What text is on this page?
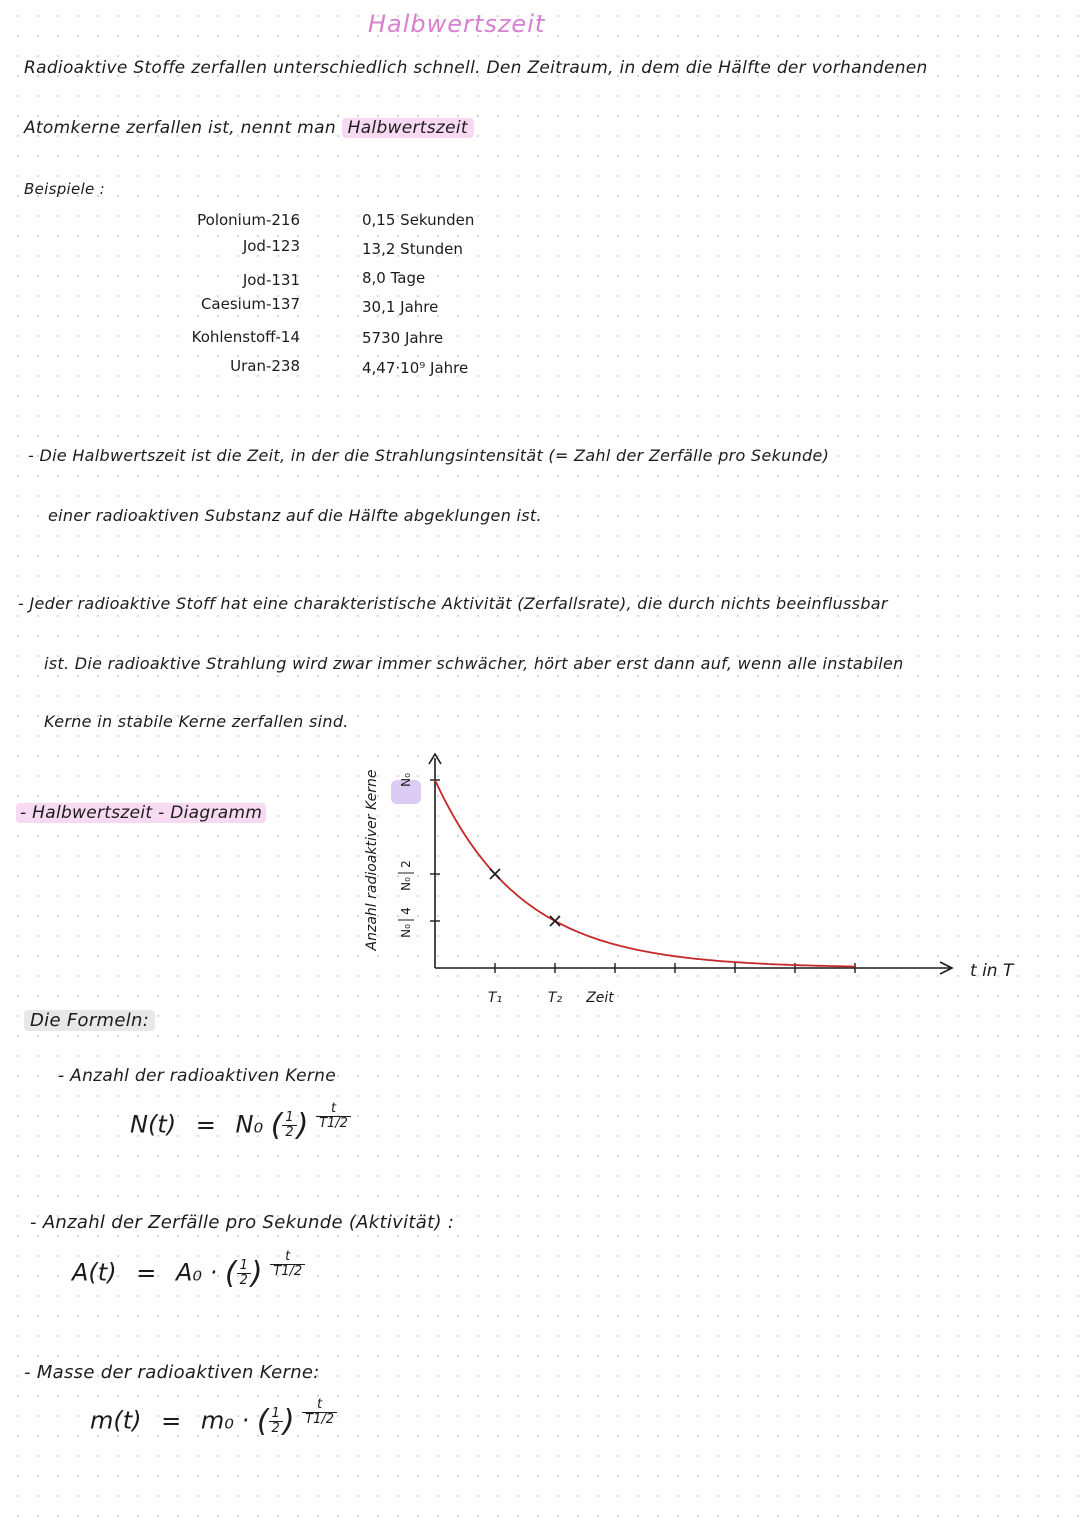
Halbwertszeit
Radioaktive Stoffe zerfallen unterschiedlich schnell. Den Zeitraum, in dem die Hälfte der vorhandenen
Atomkerne zerfallen ist, nennt man Halbwertszeit
Beispiele :
Polonium-216	0,15 Sekunden
Jod-123	13,2 Stunden
Jod-131	8,0 Tage
Caesium-137	30,1 Jahre
Kohlenstoff-14	5730 Jahre
Uran-238	4,47·10⁹ Jahre
- Die Halbwertszeit ist die Zeit, in der die Strahlungsintensität (= Zahl der Zerfälle pro Sekunde)
einer radioaktiven Substanz auf die Hälfte abgeklungen ist.
- Jeder radioaktive Stoff hat eine charakteristische Aktivität (Zerfallsrate), die durch nichts beeinflussbar
ist. Die radioaktive Strahlung wird zwar immer schwächer, hört aber erst dann auf, wenn alle instabilen
Kerne in stabile Kerne zerfallen sind.
- Halbwertszeit - Diagramm	Anzahl radioaktiver Kerne N₀
N₀
2
N₀
4
T₁	T₂ Zeit
t in T
Die Formeln:
- Anzahl der radioaktiven Kerne
N(t) = N₀ ( $\frac{1}{2}$ ) $\frac{t}{T1/2}$
- Anzahl der Zerfälle pro Sekunde (Aktivität) :
A(t) = A₀ · ( $\frac{1}{2}$ ) $\frac{t}{T1/2}$
- Masse der radioaktiven Kerne:
m(t) = m₀ · ( $\frac{1}{2}$ ) $\frac{t}{T1/2}$
